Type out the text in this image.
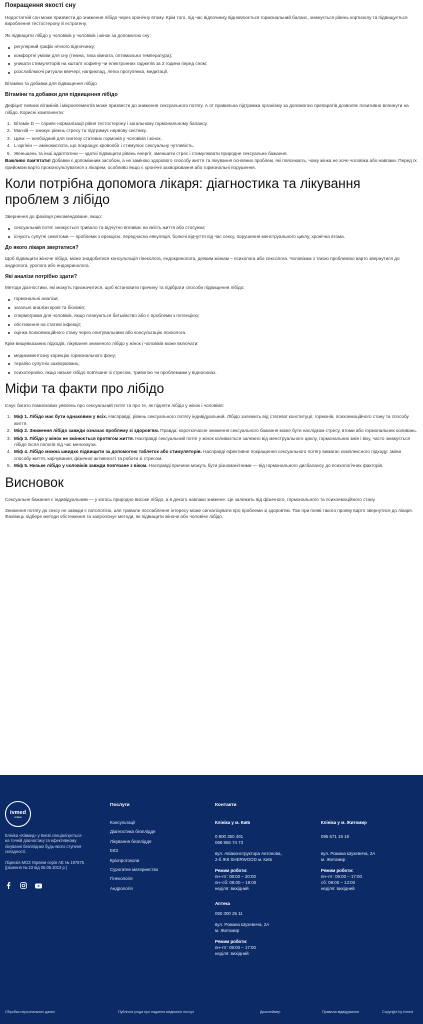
Покращення якості сну

Недостатній сон може призвести до зниження лібідо через хронічну втому. Крім того, під час відпочинку відновлюється гормональний баланс, знижується рівень кортизолу та підвищується вироблення тестостерону й естрогену.

Як підвищити лібідо у чоловіків у чоловіків і жінок за допомогою сну:

регулярний графік нічного відпочинку;
комфортні умови для сну (темна, тиха кімната, оптимальна температура);
уникати стимуляторів на кшталт кофеїну чи електронних гаджетів за 2 години перед сном;
розслаблюючі ритуали ввечері, наприклад, легка прогулянка, медитації.

Вітаміни та добавки для підвищення лібідо

Вітаміни та добавки для підвищення лібідо

Дефіцит певних вітамінів і мікроелементів може призвести до зниження сексуального потягу. А от правильна підтримка організму за допомогою препаратів дозволяє позитивно вплинути на лібідо. Корисні компоненти:

1. Вітамін D — сприяє нормалізації рівня тестостерону і загальному гормональному балансу.
2. Магній — знижує рівень стресу та підтримує нервову систему.
3. Цинк — необхідний для синтезу статевих гормонів у чоловіків і жінок.
4. L-аргінін — амінокислота, що покращує кровообіг і стимулює сексуальну чутливість.
5. Женьшень та інші адаптогени — здатні підвищити рівень енергії, зменшити стрес і стимулювати природне сексуальне бажання.

Важливо пам'ятати! Добавки є допоміжним засобом, а не заміною здорового способу життя та лікування основних проблем, які пояснюють, чому жінка не хоче чоловіка або навпаки. Перед їх прийомом варто проконсультуватися з лікарем, особливо якщо є хронічні захворювання або гормональні порушення.

Коли потрібна допомога лікаря: діагностика та лікування проблем з лібідо

Звернення до фахівця рекомендоване, якщо:

сексуальний потяг знижується тривало та відчутно впливає на якість життя або стосунки;
існують супутні симптоми — проблеми з ерекцією, передчасна еякуляція, болючі відчуття під час сексу, порушення менструального циклу, хронічна втома.
До якого лікаря звертатися?

Щоб підвищити жіноче лібідо, може знадобитися консультація гінеколога, ендокринолога, деяким жінкам – психолога або сексолога. Чоловікам з такою проблемою варто звернутися до андролога, уролога або ендокринолога.

Які аналізи потрібно здати?

Методи діагностики, які можуть призначитися, щоб встановити причину та підібрати способи підвищення лібідо:

гормональні аналізи;
загальні аналізи крові та біохімія;
спермограма для чоловіків, якщо плануються батьківство або є проблеми з потенцією;
обстеження на статеві інфекції;
оцінка психоемоційного стану через опитувальники або консультацію психолога.

Крім вищевказаних підходів, лікування зниженого лібідо у жінок і чоловіків може включати:

медикаментозну корекцію гормонального фону;
терапію супутніх захворювань;
психотерапію, якщо низьке лібідо пов'язане зі стресом, тривогою чи проблемами у відносинах.
Міфи та факти про лібідо

Існує багато помилкових уявлень про сексуальний потяг та про те, як підняти лібідо у жінок і чоловіків:

1. Міф 1. Лібідо має бути однаковим у всіх. Насправді, рівень сексуального потягу індивідуальний. Лібідо залежить від статевої конституції, гормонів, психоемоційного стану та способу життя.
2. Міф 2. Зниження лібідо завжди означає проблему зі здоров'ям. Правда: короткочасне зниження сексуального бажання може бути наслідком стресу, втоми або гормональних коливань.
3. Міф 3. Лібідо у жінок не змінюється протягом життя. Насправді сексуальний потяг у жінок коливається залежно від менструального циклу, гормональних змін і віку, часто знижується лібідо після пологів під час менопаузи.
4. Міф 4. Лібідо можна швидко підвищити за допомогою таблеток або стимуляторів. Насправді ефективне покращення сексуального потягу вимагає комплексного підходу: зміни способу життя, харчування, фізичної активності та роботи зі стресом.
5. Міф 5. Низьке лібідо у чоловіків завжди пов'язане з віком. Насправді причини можуть бути різноманітними — від гормонального дисбалансу до психологічних факторів.
Висновок

Сексуальне бажання є індивідуальним — у когось природно високе лібідо, а в декого навпаки знижене. Це залежить від фізичного, гормонального та психоемоційного стану.

Зниження потягу до сексу не завжди є патологією, але тривале послаблення інтересу може сигналізувати про проблеми зі здоров'ям. Тож при появі такого прояву варто звернутися до лікаря. Фахівець підбере методи обстеження та запропонує методи, як підвищити жіноче або чоловіче лібідо.

ivmed
клініка
Клініка «Ківмед» у Києві спеціалізується на точній діагностиці та ефективному лікуванні безплідних будь-якого ступеня складності.
Ліцензія МОЗ України серія АЕ № 197875 (рішення № 23 від 06.06.2013 р.)
Послуги
Консультації
Діагностика безпліддя
Лікування безпліддя
ЕКЗ
Кріопротоколи
Сурогатне материнство
Гінекологія
Андрологія
Контакти
Клініка у м. Київ
0 800 350 491
068 956 74 73
вул. Авіаконструктора Антонова,
2-б ЖК SHERWOOD м. Київ
Режим роботи:
пн–пт: 08:00 – 20:00
пн–сб: 08:00 – 18:00
неділя: вихідний
Аптека
050 300 25 11
вул. Романа Шухевича, 2А
м. Житомир
Режим роботи:
пн–пт: 09:00 – 17:00
неділя: вихідний
Клініка у м. Житомир
095 571 19 19
вул. Романа Шухевича, 2А
м. Житомир
Режим роботи:
пн–пт: 09:00 – 17:00
сб: 09:00 – 13:00
неділя: вихідний
Обробка персональних даних	Публічна угода про надання медичних послуг	Дисклеймер	Правила відвідування	Copyright by Ivmed
